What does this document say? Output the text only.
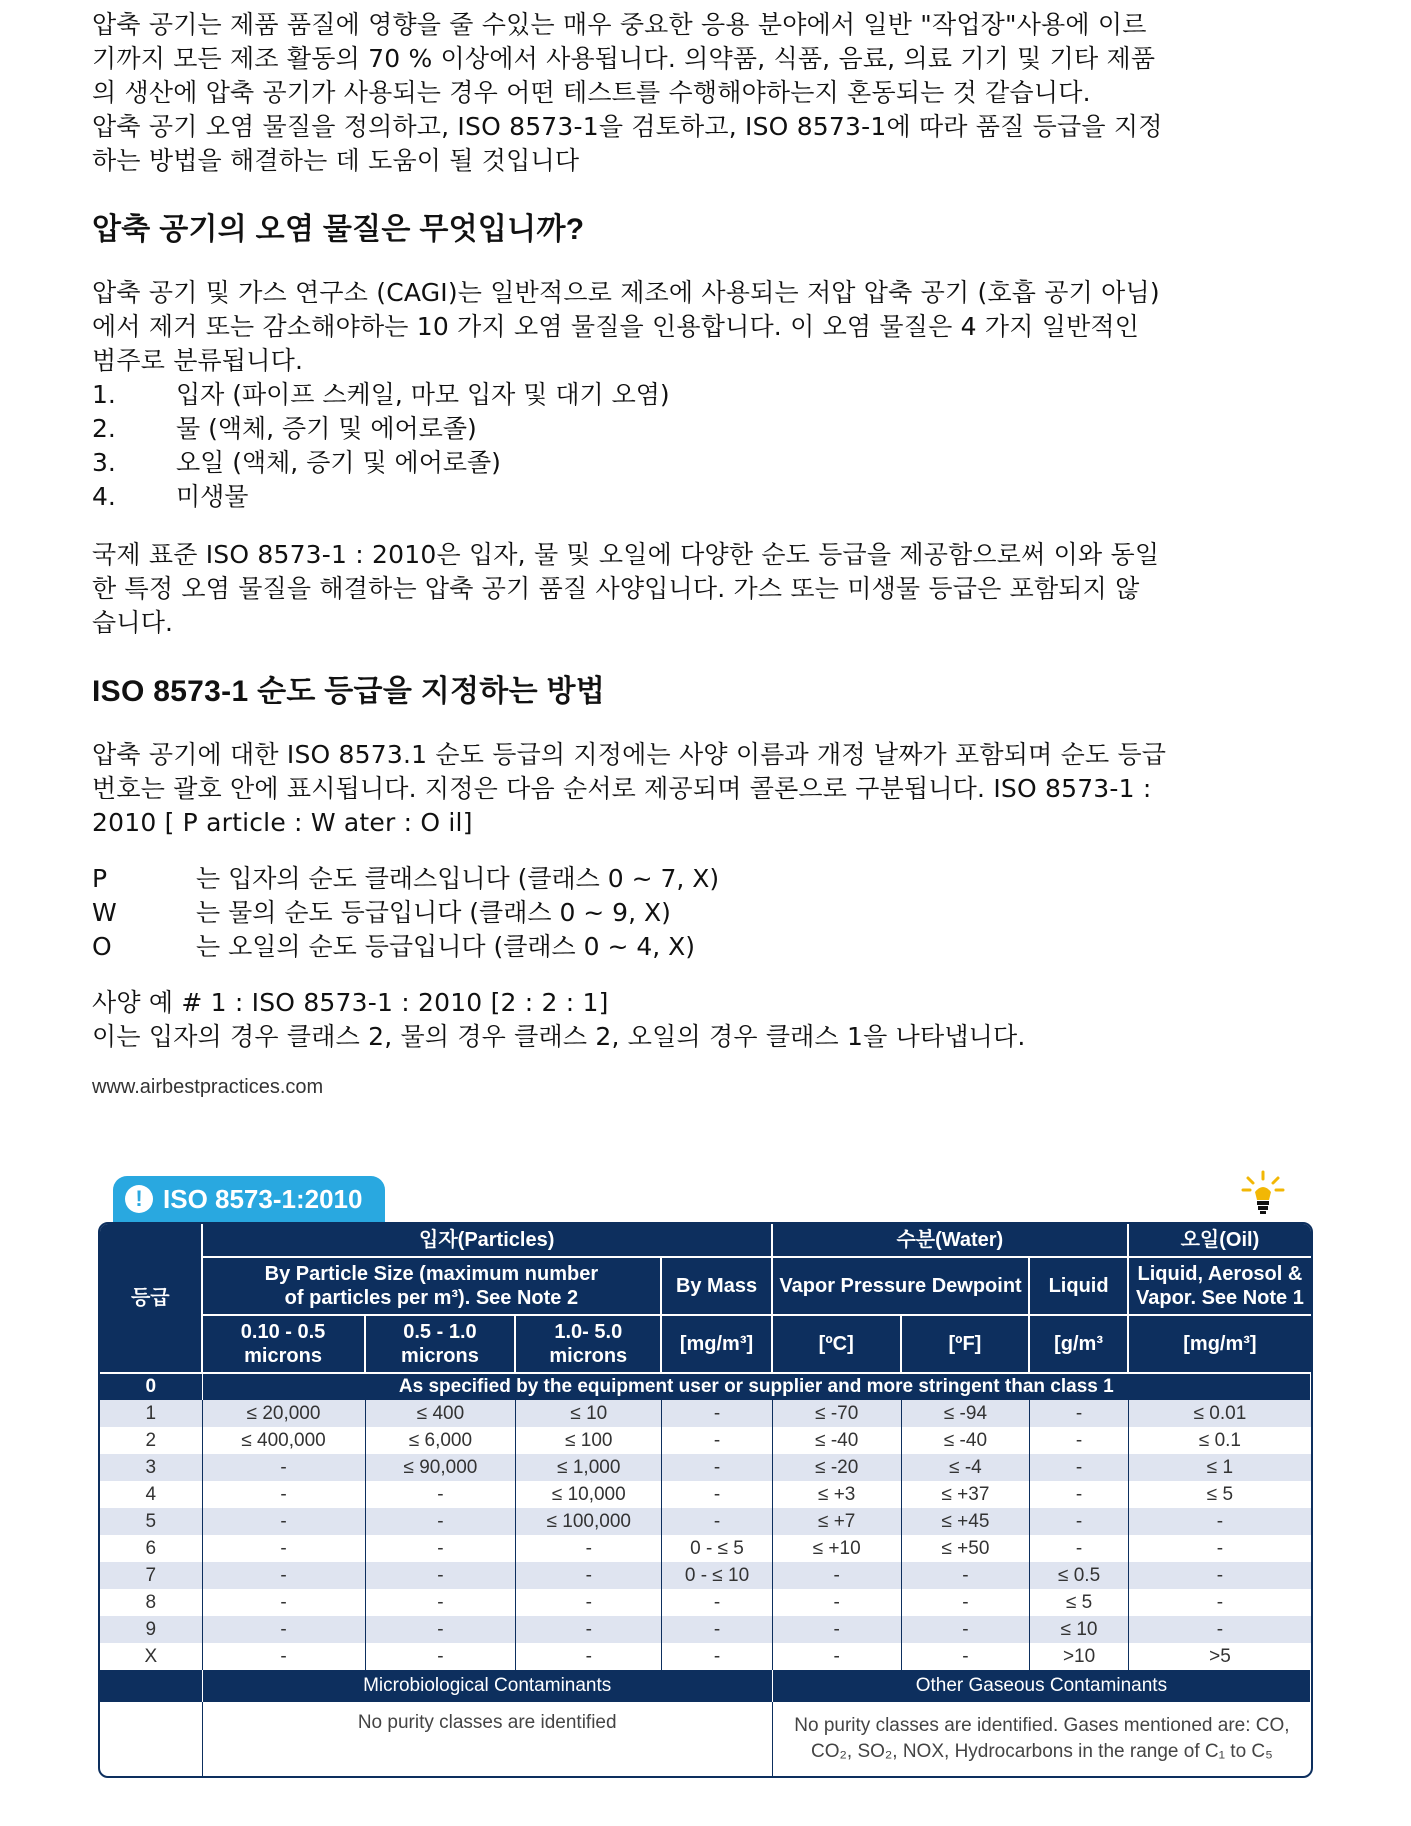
압축 공기는 제품 품질에 영향을 줄 수있는 매우 중요한 응용 분야에서 일반 "작업장"사용에 이르
기까지 모든 제조 활동의 70 % 이상에서 사용됩니다. 의약품, 식품, 음료, 의료 기기 및 기타 제품
의 생산에 압축 공기가 사용되는 경우 어떤 테스트를 수행해야하는지 혼동되는 것 같습니다.
압축 공기 오염 물질을 정의하고, ISO 8573-1을 검토하고, ISO 8573-1에 따라 품질 등급을 지정
하는 방법을 해결하는 데 도움이 될 것입니다

압축 공기의 오염 물질은 무엇입니까?

압축 공기 및 가스 연구소 (CAGI)는 일반적으로 제조에 사용되는 저압 압축 공기 (호흡 공기 아님)
에서 제거 또는 감소해야하는 10 가지 오염 물질을 인용합니다. 이 오염 물질은 4 가지 일반적인
범주로 분류됩니다.

1.	입자 (파이프 스케일, 마모 입자 및 대기 오염)
2.	물 (액체, 증기 및 에어로졸)
3.	오일 (액체, 증기 및 에어로졸)
4.	미생물

국제 표준 ISO 8573-1 : 2010은 입자, 물 및 오일에 다양한 순도 등급을 제공함으로써 이와 동일
한 특정 오염 물질을 해결하는 압축 공기 품질 사양입니다. 가스 또는 미생물 등급은 포함되지 않
습니다.

ISO 8573-1 순도 등급을 지정하는 방법

압축 공기에 대한 ISO 8573.1 순도 등급의 지정에는 사양 이름과 개정 날짜가 포함되며 순도 등급
번호는 괄호 안에 표시됩니다. 지정은 다음 순서로 제공되며 콜론으로 구분됩니다. ISO 8573-1 :
2010 [ P article : W ater : O il]

P	는 입자의 순도 클래스입니다 (클래스 0 ~ 7, X)
W	는 물의 순도 등급입니다 (클래스 0 ~ 9, X)
O	는 오일의 순도 등급입니다 (클래스 0 ~ 4, X)

사양 예 # 1 : ISO 8573-1 : 2010 [2 : 2 : 1]
이는 입자의 경우 클래스 2, 물의 경우 클래스 2, 오일의 경우 클래스 1을 나타냅니다.

www.airbestpractices.com
! ISO 8573-1:2010
등급	입자(Particles)				수분(Water)			오일(Oil)
	By Particle Size (maximum number
of particles per m³). See Note 2			By Mass	Vapor Pressure Dewpoint		Liquid	Liquid, Aerosol &
Vapor. See Note 1
	0.10 - 0.5
microns	0.5 - 1.0
microns	1.0- 5.0
microns	[mg/m³]	[ºC]	[ºF]	[g/m³	[mg/m³]
0	As specified by the equipment user or supplier and more stringent than class 1							
1	≤ 20,000	≤ 400	≤ 10	-	≤ -70	≤ -94	-	≤ 0.01
2	≤ 400,000	≤ 6,000	≤ 100	-	≤ -40	≤ -40	-	≤ 0.1
3	-	≤ 90,000	≤ 1,000	-	≤ -20	≤ -4	-	≤ 1
4	-	-	≤ 10,000	-	≤ +3	≤ +37	-	≤ 5
5	-	-	≤ 100,000	-	≤ +7	≤ +45	-	-
6	-	-	-	0 - ≤ 5	≤ +10	≤ +50	-	-
7	-	-	-	0 - ≤ 10	-	-	≤ 0.5	-
8	-	-	-	-	-	-	≤ 5	-
9	-	-	-	-	-	-	≤ 10	-
X	-	-	-	-	-	-	>10	>5
	Microbiological Contaminants				Other Gaseous Contaminants			
	No purity classes are identified				No purity classes are identified. Gases mentioned are: CO,
CO₂, SO₂, NOX, Hydrocarbons in the range of C₁ to C₅			
